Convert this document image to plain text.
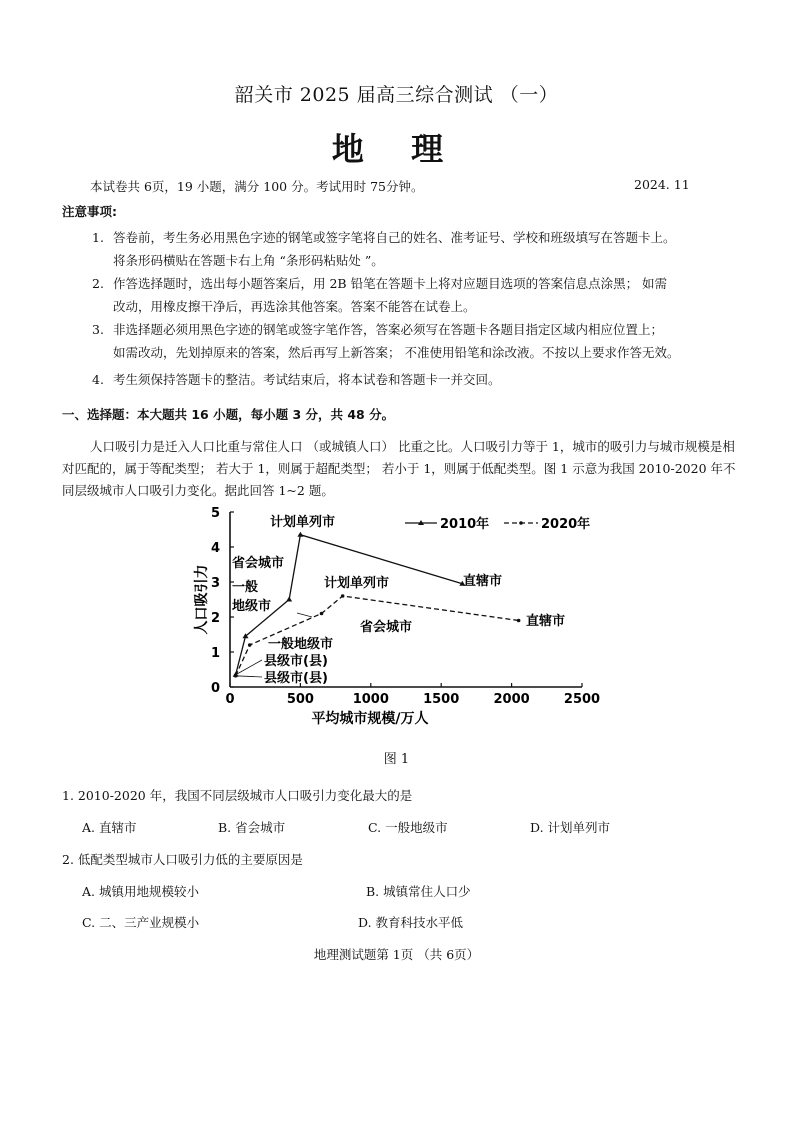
韶关市 2025 届高三综合测试 （一）
地 理
本试卷共 6页，19 小题，满分 100 分。考试用时 75分钟。	2024. 11
注意事项:
1. 答卷前，考生务必用黑色字迹的钢笔或签字笔将自己的姓名、准考证号、学校和班级填写在答题卡上。
将条形码横贴在答题卡右上角 “条形码粘贴处 ”。
2. 作答选择题时，选出每小题答案后，用 2B 铅笔在答题卡上将对应题目选项的答案信息点涂黑； 如需
改动，用橡皮擦干净后，再选涂其他答案。答案不能答在试卷上。
3. 非选择题必须用黑色字迹的钢笔或签字笔作答，答案必须写在答题卡各题目指定区域内相应位置上；
如需改动，先划掉原来的答案，然后再写上新答案； 不准使用铅笔和涂改液。不按以上要求作答无效。
4. 考生须保持答题卡的整洁。考试结束后，将本试卷和答题卡一并交回。
一、选择题：本大题共 16 小题，每小题 3 分，共 48 分。
人口吸引力是迁入人口比重与常住人口 （或城镇人口） 比重之比。人口吸引力等于 1，城市的吸引力与城市规模是相对匹配的，属于等配类型； 若大于 1，则属于超配类型； 若小于 1，则属于低配类型。图 1 示意为我国 2010-2020 年不同层级城市人口吸引力变化。据此回答 1~2 题。
0	500	1000	1500	2000	2500
0
1
2
3
4
5
平均城市规模/万人
人口吸引力
2010年	2020年
计划单列市
省会城市
一般
地级市
直辖市
计划单列市
直辖市
省会城市
一般地级市
县级市(县)
县级市(县)
图 1
1. 2010-2020 年，我国不同层级城市人口吸引力变化最大的是
A. 直辖市	B. 省会城市	C. 一般地级市	D. 计划单列市
2. 低配类型城市人口吸引力低的主要原因是
A. 城镇用地规模较小	B. 城镇常住人口少
C. 二、三产业规模小	D. 教育科技水平低
地理测试题第 1页 （共 6页）
